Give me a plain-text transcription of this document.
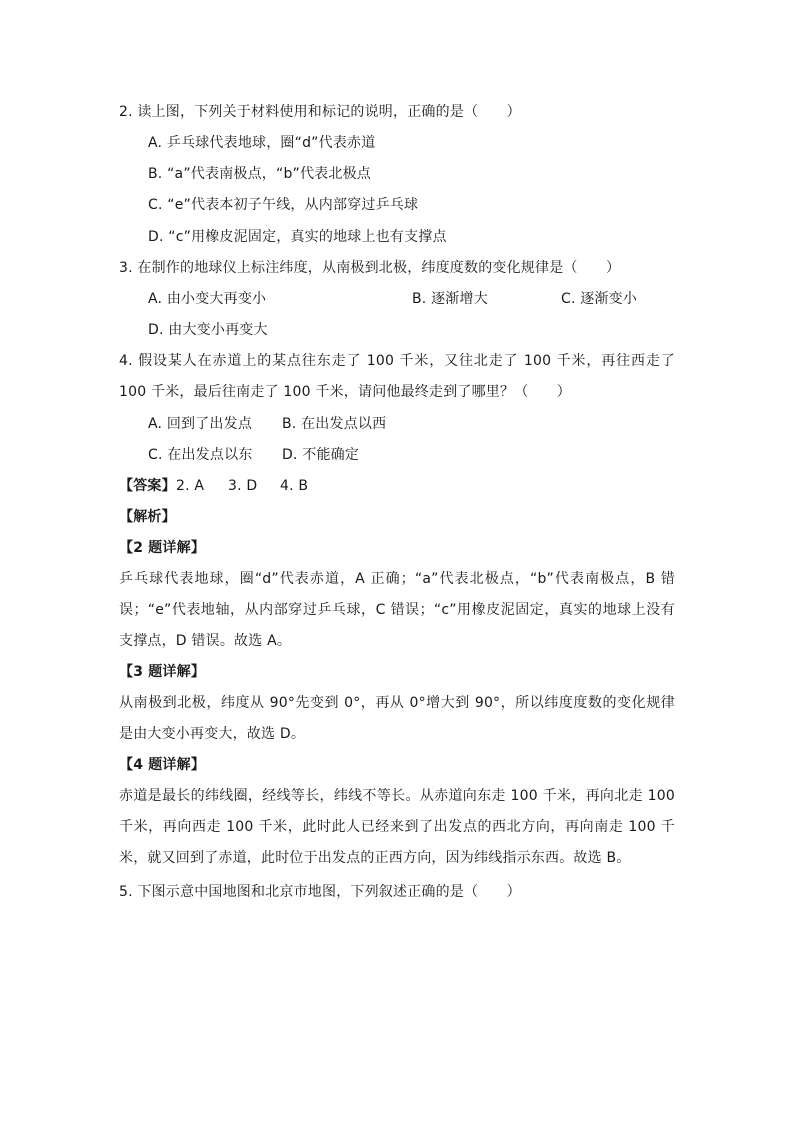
2. 读上图，下列关于材料使用和标记的说明，正确的是（　　）
A. 乒乓球代表地球，圈“d”代表赤道
B. “a”代表南极点，“b”代表北极点
C. “e”代表本初子午线，从内部穿过乒乓球
D. “c”用橡皮泥固定，真实的地球上也有支撑点
3. 在制作的地球仪上标注纬度，从南极到北极，纬度度数的变化规律是（　　）
A. 由小变大再变小	B. 逐渐增大	C. 逐渐变小
D. 由大变小再变大
4. 假设某人在赤道上的某点往东走了 100 千米，又往北走了 100 千米，再往西走了 100 千米，最后往南走了 100 千米，请问他最终走到了哪里？（　　）
A. 回到了出发点 B. 在出发点以西
C. 在出发点以东 D. 不能确定
【答案】 2. A 3. D 4. B
【解析】
【2 题详解】
乒乓球代表地球，圈“d”代表赤道，A 正确；“a”代表北极点，“b”代表南极点，B 错误；“e”代表地轴，从内部穿过乒乓球，C 错误；“c”用橡皮泥固定，真实的地球上没有支撑点，D 错误。故选 A。
【3 题详解】
从南极到北极，纬度从 90°先变到 0°，再从 0°增大到 90°，所以纬度度数的变化规律是由大变小再变大，故选 D。
【4 题详解】
赤道是最长的纬线圈，经线等长，纬线不等长。从赤道向东走 100 千米，再向北走 100 千米，再向西走 100 千米，此时此人已经来到了出发点的西北方向，再向南走 100 千米，就又回到了赤道，此时位于出发点的正西方向，因为纬线指示东西。故选 B。
5. 下图示意中国地图和北京市地图，下列叙述正确的是（　　）
